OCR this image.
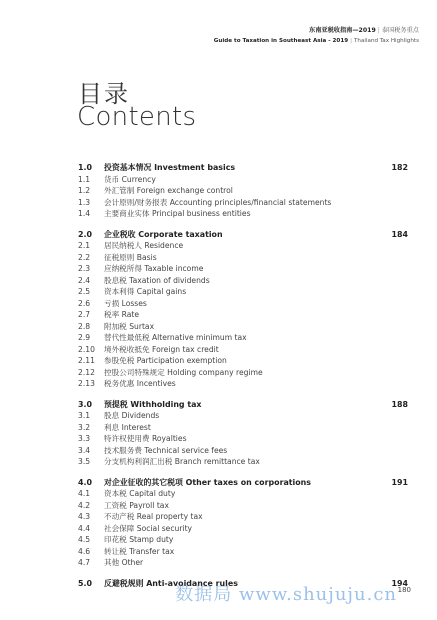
东南亚税收指南—2019 | 泰国税务重点
Guide to Taxation in Southeast Asia - 2019 | Thailand Tax Highlights
目录
Contents
1.0	投资基本情况 Investment basics	182
1.1	货币 Currency
1.2	外汇管制 Foreign exchange control
1.3	会计原则/财务报表 Accounting principles/financial statements
1.4	主要商业实体 Principal business entities
2.0	企业税收 Corporate taxation	184
2.1	居民纳税人 Residence
2.2	征税原则 Basis
2.3	应纳税所得 Taxable income
2.4	股息税 Taxation of dividends
2.5	资本利得 Capital gains
2.6	亏损 Losses
2.7	税率 Rate
2.8	附加税 Surtax
2.9	替代性最低税 Alternative minimum tax
2.10	境外税收抵免 Foreign tax credit
2.11	参股免税 Participation exemption
2.12	控股公司特殊规定 Holding company regime
2.13	税务优惠 Incentives
3.0	预提税 Withholding tax	188
3.1	股息 Dividends
3.2	利息 Interest
3.3	特许权使用费 Royalties
3.4	技术服务费 Technical service fees
3.5	分支机构利润汇出税 Branch remittance tax
4.0	对企业征收的其它税项 Other taxes on corporations	191
4.1	资本税 Capital duty
4.2	工资税 Payroll tax
4.3	不动产税 Real property tax
4.4	社会保障 Social security
4.5	印花税 Stamp duty
4.6	转让税 Transfer tax
4.7	其他 Other
5.0	反避税规则 Anti-avoidance rules	194
数据局 www.shujuju.cn 180
